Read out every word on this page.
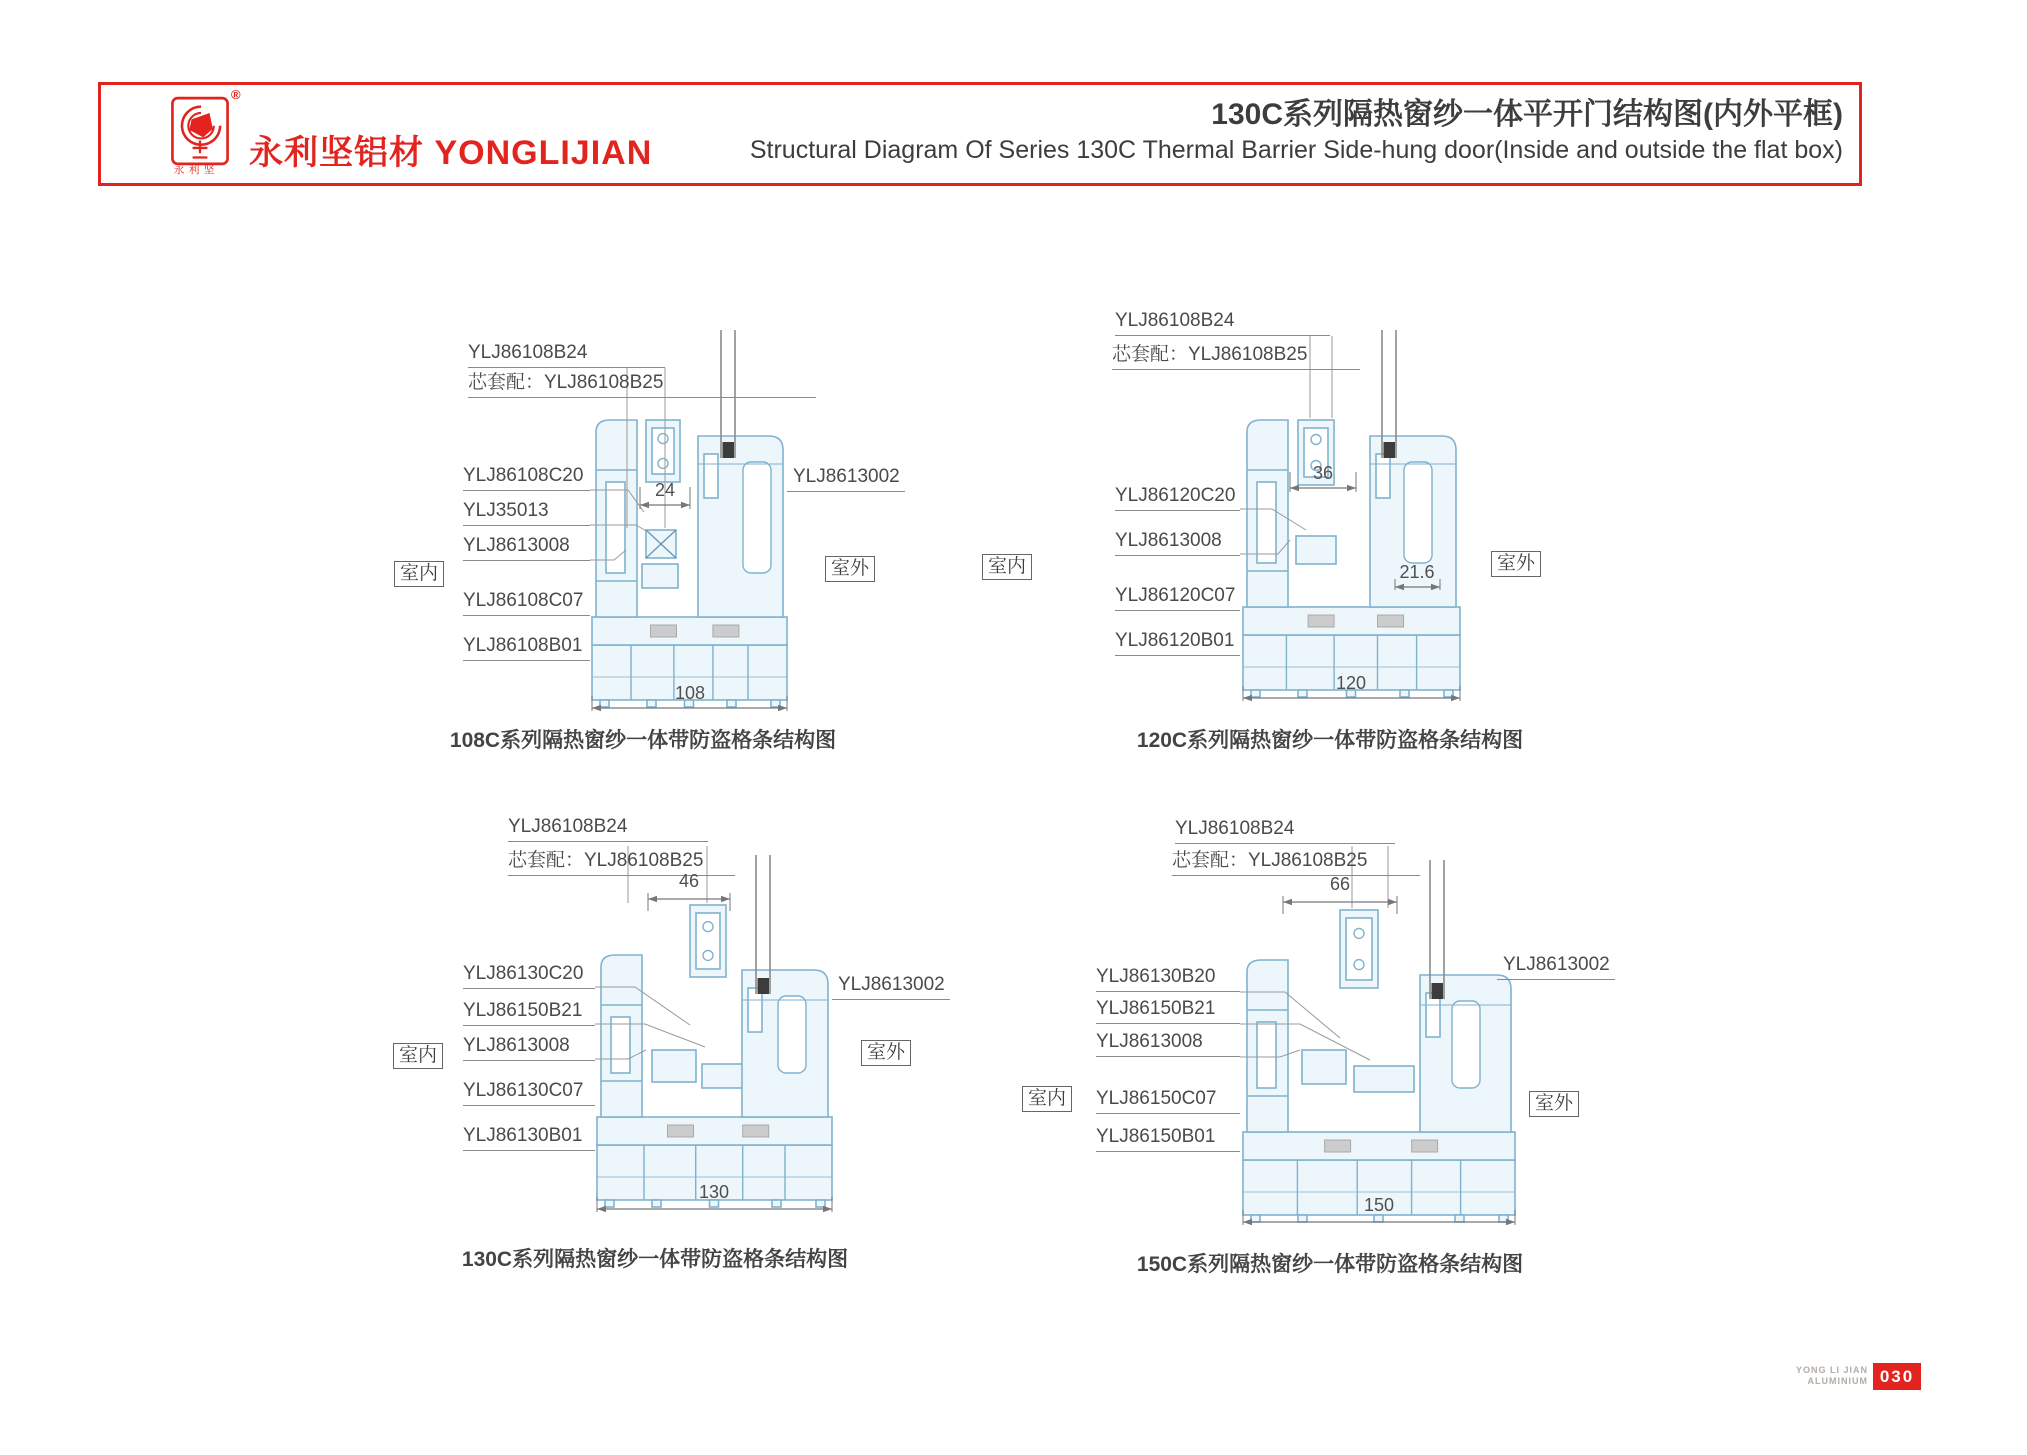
®
永利坚 永利坚铝材 YONGLIJIAN
130C系列隔热窗纱一体平开门结构图(内外平框)
Structural Diagram Of Series 130C Thermal Barrier Side-hung door(Inside and outside the flat box)
YLJ86108B24
芯套配：YLJ86108B25
YLJ86108C20
YLJ35013
YLJ8613008
YLJ86108C07
YLJ86108B01
YLJ8613002
室内	室外
24
108
108C系列隔热窗纱一体带防盗格条结构图
YLJ86108B24
芯套配：YLJ86108B25
YLJ86120C20
YLJ8613008
YLJ86120C07
YLJ86120B01
室内	室外
36
21.6
120
120C系列隔热窗纱一体带防盗格条结构图
YLJ86108B24
芯套配：YLJ86108B25
YLJ86130C20
YLJ86150B21
YLJ8613008
YLJ86130C07
YLJ86130B01
YLJ8613002
室内	室外
46
130
130C系列隔热窗纱一体带防盗格条结构图
YLJ86108B24
芯套配：YLJ86108B25
YLJ86130B20
YLJ86150B21
YLJ8613008
YLJ86150C07
YLJ86150B01
YLJ8613002
室内	室外
66
150
150C系列隔热窗纱一体带防盗格条结构图
YONG LI JIAN
ALUMINIUM 030
